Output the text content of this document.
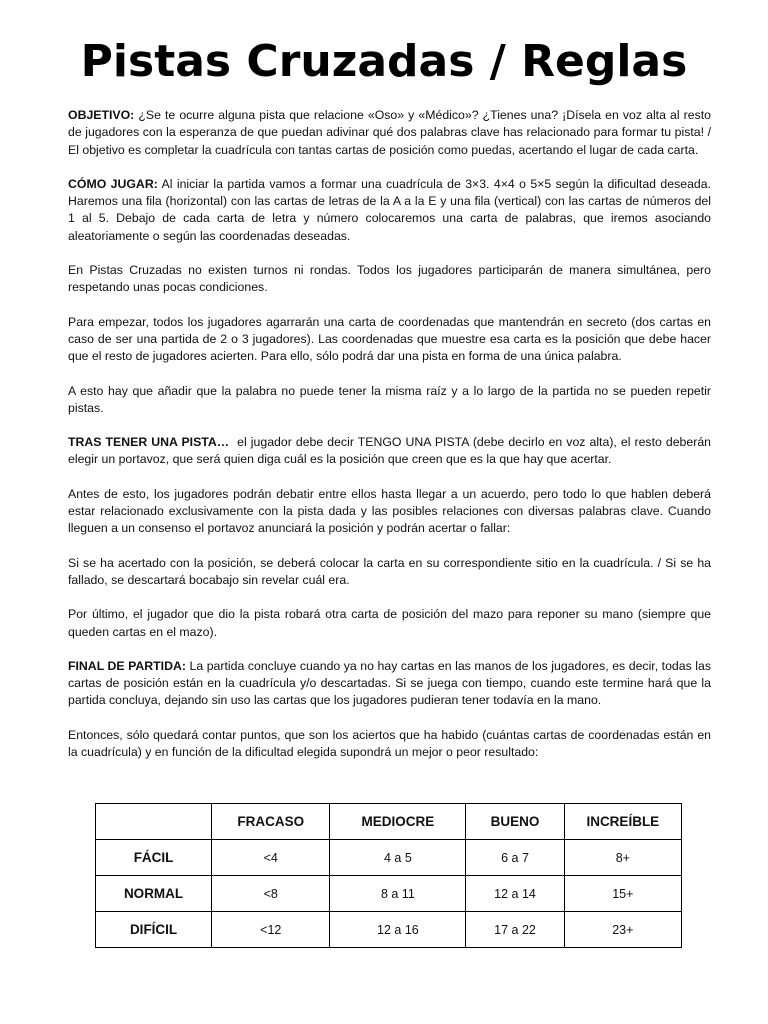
Pistas Cruzadas / Reglas

OBJETIVO: ¿Se te ocurre alguna pista que relacione «Oso» y «Médico»? ¿Tienes una? ¡Dísela en voz alta al resto de jugadores con la esperanza de que puedan adivinar qué dos palabras clave has relacionado para formar tu pista! / El objetivo es completar la cuadrícula con tantas cartas de posición como puedas, acertando el lugar de cada carta.

CÓMO JUGAR: Al iniciar la partida vamos a formar una cuadrícula de 3×3. 4×4 o 5×5 según la dificultad deseada. Haremos una fila (horizontal) con las cartas de letras de la A a la E y una fila (vertical) con las cartas de números del 1 al 5. Debajo de cada carta de letra y número colocaremos una carta de palabras, que iremos asociando aleatoriamente o según las coordenadas deseadas.

En Pistas Cruzadas no existen turnos ni rondas. Todos los jugadores participarán de manera simultánea, pero respetando unas pocas condiciones.

Para empezar, todos los jugadores agarrarán una carta de coordenadas que mantendrán en secreto (dos cartas en caso de ser una partida de 2 o 3 jugadores). Las coordenadas que muestre esa carta es la posición que debe hacer que el resto de jugadores acierten. Para ello, sólo podrá dar una pista en forma de una única palabra.

A esto hay que añadir que la palabra no puede tener la misma raíz y a lo largo de la partida no se pueden repetir pistas.

TRAS TENER UNA PISTA…  el jugador debe decir TENGO UNA PISTA (debe decirlo en voz alta), el resto deberán elegir un portavoz, que será quien diga cuál es la posición que creen que es la que hay que acertar.

Antes de esto, los jugadores podrán debatir entre ellos hasta llegar a un acuerdo, pero todo lo que hablen deberá estar relacionado exclusivamente con la pista dada y las posibles relaciones con diversas palabras clave. Cuando lleguen a un consenso el portavoz anunciará la posición y podrán acertar o fallar:

Si se ha acertado con la posición, se deberá colocar la carta en su correspondiente sitio en la cuadrícula. / Si se ha fallado, se descartará bocabajo sin revelar cuál era.

Por último, el jugador que dio la pista robará otra carta de posición del mazo para reponer su mano (siempre que queden cartas en el mazo).

FINAL DE PARTIDA: La partida concluye cuando ya no hay cartas en las manos de los jugadores, es decir, todas las cartas de posición están en la cuadrícula y/o descartadas. Si se juega con tiempo, cuando este termine hará que la partida concluya, dejando sin uso las cartas que los jugadores pudieran tener todavía en la mano.

Entonces, sólo quedará contar puntos, que son los aciertos que ha habido (cuántas cartas de coordenadas están en la cuadrícula) y en función de la dificultad elegida supondrá un mejor o peor resultado:

	FRACASO	MEDIOCRE	BUENO	INCREÍBLE
FÁCIL	<4	4 a 5	6 a 7	8+
NORMAL	<8	8 a 11	12 a 14	15+
DIFÍCIL	<12	12 a 16	17 a 22	23+
